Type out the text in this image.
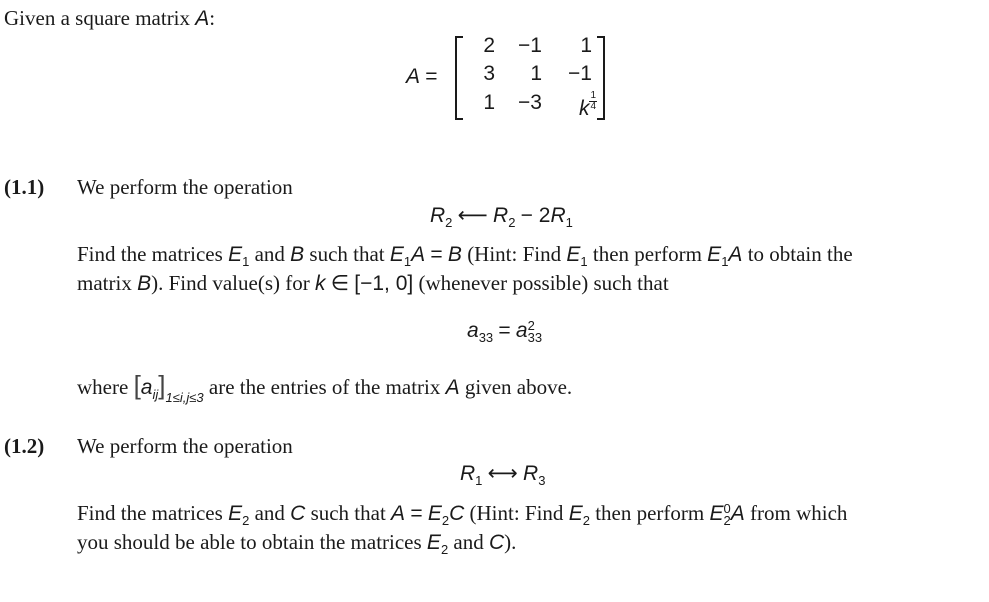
Given a square matrix A:
A =
2	−1	1
3	1	−1
1	−3	k $\frac{1}{4}$
(1.1) We perform the operation
$R_2$ ⟵ $R_2 - 2R_1$
Find the matrices $E_1$ and B such that $E_1A = B$ (Hint: Find $E_1$ then perform $E_1A$ to obtain the
matrix B). Find value(s) for k ∈ [−1, 0] (whenever possible) such that
$a_{33} = a$ 2
33
where $[a_{ij}]_{1\le i,j\le 3}$ are the entries of the matrix A given above.
(1.2) We perform the operation
$R_1$ ⟷ $R_3$
Find the matrices $E_2$ and C such that $A = E_2C$ (Hint: Find $E_2$ then perform E 0
2 A from which
you should be able to obtain the matrices $E_2$ and C).
